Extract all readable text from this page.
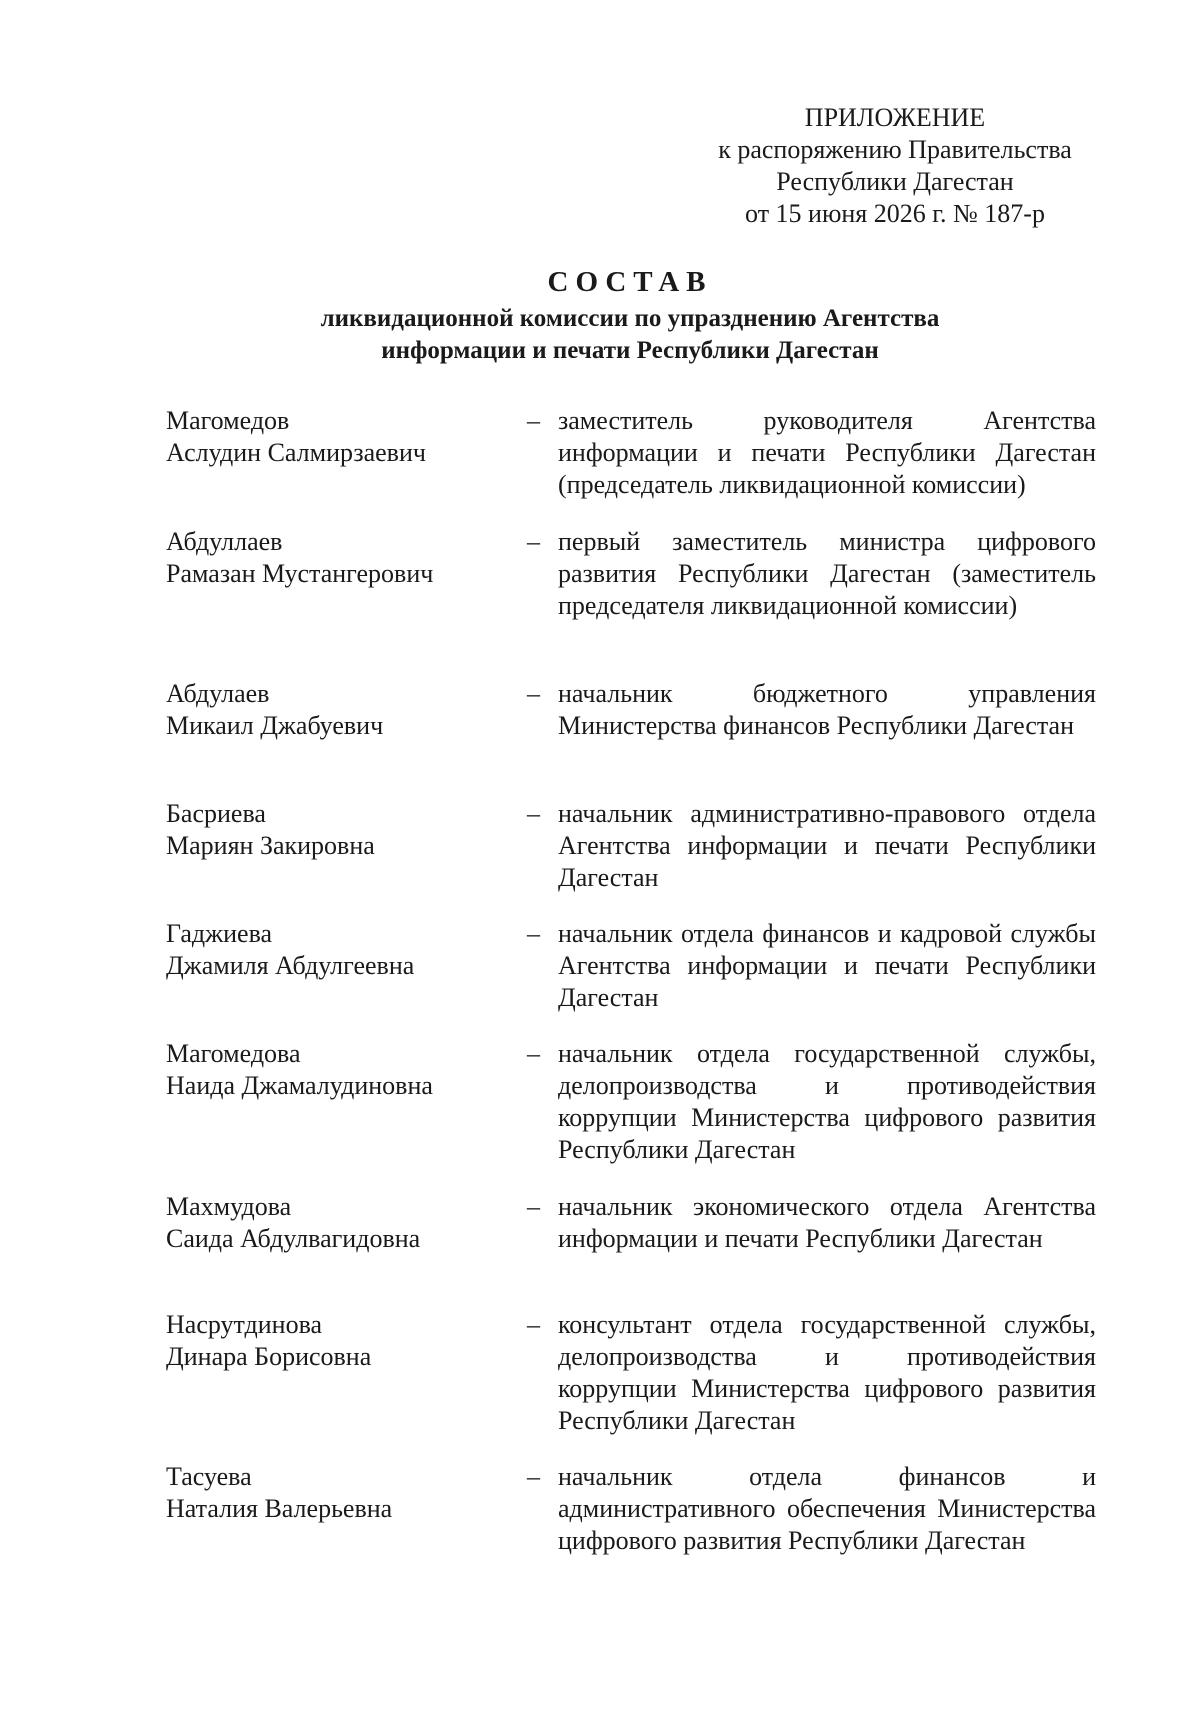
ПРИЛОЖЕНИЕ
к распоряжению Правительства
Республики Дагестан
от 15 июня 2026 г. № 187-р
СОСТАВ
ликвидационной комиссии по упразднению Агентства
информации и печати Республики Дагестан
Магомедов
Аслудин Салмирзаевич
– заместитель руководителя Агентства информации и печати Республики Дагестан (председатель ликвидационной комиссии)
Абдуллаев
Рамазан Мустангерович
– первый заместитель министра цифрового развития Республики Дагестан (заместитель председателя ликвидационной комиссии)
Абдулаев
Микаил Джабуевич
– начальник бюджетного управления Министерства финансов Республики Дагестан
Басриева
Мариян Закировна
– начальник административно-правового отдела Агентства информации и печати Республики Дагестан
Гаджиева
Джамиля Абдулгеевна
– начальник отдела финансов и кадровой службы Агентства информации и печати Республики Дагестан
Магомедова
Наида Джамалудиновна
– начальник отдела государственной службы, делопроизводства и противодействия коррупции Министерства цифрового развития Республики Дагестан
Махмудова
Саида Абдулвагидовна
– начальник экономического отдела Агентства информации и печати Республики Дагестан
Насрутдинова
Динара Борисовна
– консультант отдела государственной службы, делопроизводства и противодействия коррупции Министерства цифрового развития Республики Дагестан
Тасуева
Наталия Валерьевна
– начальник отдела финансов и административного обеспечения Министерства цифрового развития Республики Дагестан
